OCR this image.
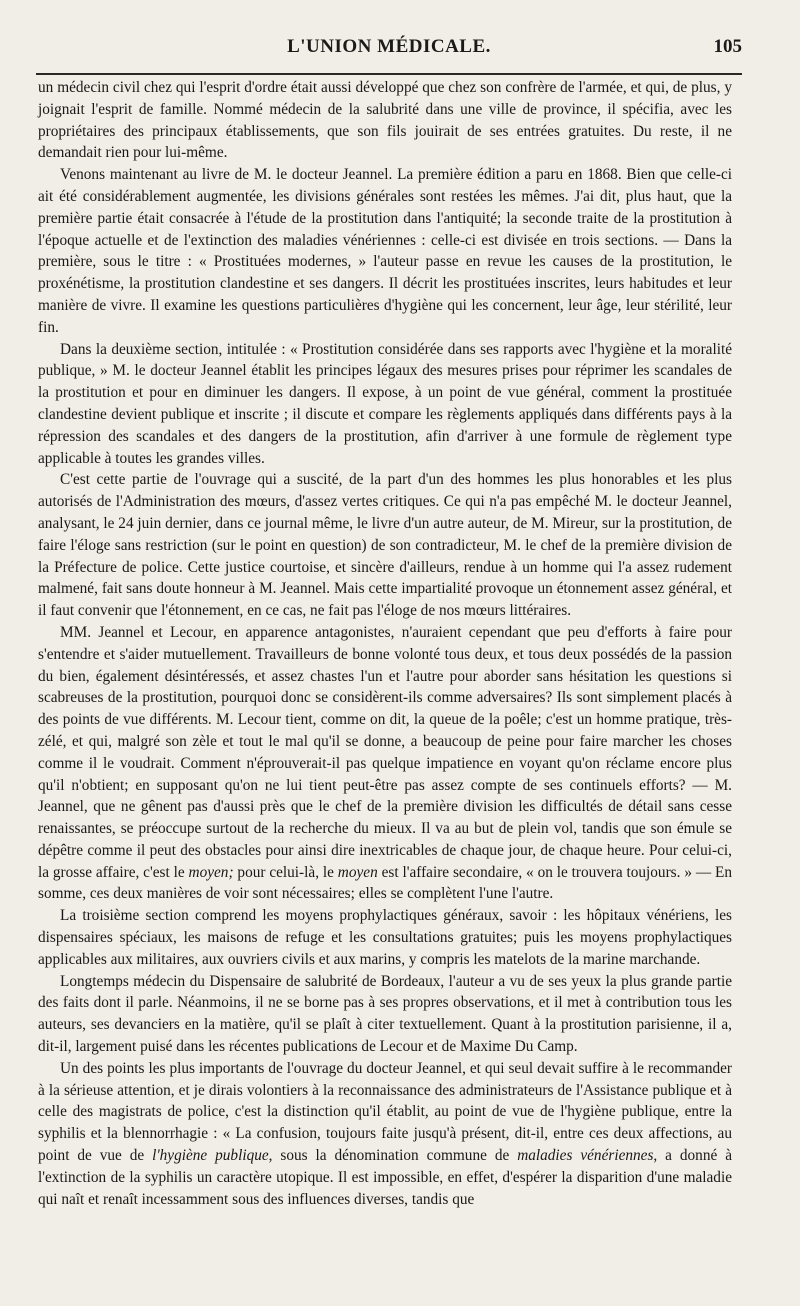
L'UNION MÉDICALE.	105

un médecin civil chez qui l'esprit d'ordre était aussi développé que chez son confrère de l'armée, et qui, de plus, y joignait l'esprit de famille. Nommé médecin de la salubrité dans une ville de province, il spécifia, avec les propriétaires des principaux établissements, que son fils jouirait de ses entrées gratuites. Du reste, il ne demandait rien pour lui-même.

Venons maintenant au livre de M. le docteur Jeannel. La première édition a paru en 1868. Bien que celle-ci ait été considérablement augmentée, les divisions générales sont restées les mêmes. J'ai dit, plus haut, que la première partie était consacrée à l'étude de la prostitution dans l'antiquité; la seconde traite de la prostitution à l'époque actuelle et de l'extinction des maladies vénériennes : celle-ci est divisée en trois sections. — Dans la première, sous le titre : « Prostituées modernes, » l'auteur passe en revue les causes de la prostitution, le proxénétisme, la prostitution clandestine et ses dangers. Il décrit les prostituées inscrites, leurs habitudes et leur manière de vivre. Il examine les questions particulières d'hygiène qui les concernent, leur âge, leur stérilité, leur fin.

Dans la deuxième section, intitulée : « Prostitution considérée dans ses rapports avec l'hygiène et la moralité publique, » M. le docteur Jeannel établit les principes légaux des mesures prises pour réprimer les scandales de la prostitution et pour en diminuer les dangers. Il expose, à un point de vue général, comment la prostituée clandestine devient publique et inscrite ; il discute et compare les règlements appliqués dans différents pays à la répression des scandales et des dangers de la prostitution, afin d'arriver à une formule de règlement type applicable à toutes les grandes villes.

C'est cette partie de l'ouvrage qui a suscité, de la part d'un des hommes les plus honorables et les plus autorisés de l'Administration des mœurs, d'assez vertes critiques. Ce qui n'a pas empêché M. le docteur Jeannel, analysant, le 24 juin dernier, dans ce journal même, le livre d'un autre auteur, de M. Mireur, sur la prostitution, de faire l'éloge sans restriction (sur le point en question) de son contradicteur, M. le chef de la première division de la Préfecture de police. Cette justice courtoise, et sincère d'ailleurs, rendue à un homme qui l'a assez rudement malmené, fait sans doute honneur à M. Jeannel. Mais cette impartialité provoque un étonnement assez général, et il faut convenir que l'étonnement, en ce cas, ne fait pas l'éloge de nos mœurs littéraires.

MM. Jeannel et Lecour, en apparence antagonistes, n'auraient cependant que peu d'efforts à faire pour s'entendre et s'aider mutuellement. Travailleurs de bonne volonté tous deux, et tous deux possédés de la passion du bien, également désintéressés, et assez chastes l'un et l'autre pour aborder sans hésitation les questions si scabreuses de la prostitution, pourquoi donc se considèrent-ils comme adversaires? Ils sont simplement placés à des points de vue différents. M. Lecour tient, comme on dit, la queue de la poêle; c'est un homme pratique, très-zélé, et qui, malgré son zèle et tout le mal qu'il se donne, a beaucoup de peine pour faire marcher les choses comme il le voudrait. Comment n'éprouverait-il pas quelque impatience en voyant qu'on réclame encore plus qu'il n'obtient; en supposant qu'on ne lui tient peut-être pas assez compte de ses continuels efforts? — M. Jeannel, que ne gênent pas d'aussi près que le chef de la première division les difficultés de détail sans cesse renaissantes, se préoccupe surtout de la recherche du mieux. Il va au but de plein vol, tandis que son émule se dépêtre comme il peut des obstacles pour ainsi dire inextricables de chaque jour, de chaque heure. Pour celui-ci, la grosse affaire, c'est le moyen; pour celui-là, le moyen est l'affaire secondaire, « on le trouvera toujours. » — En somme, ces deux manières de voir sont nécessaires; elles se complètent l'une l'autre.

La troisième section comprend les moyens prophylactiques généraux, savoir : les hôpitaux vénériens, les dispensaires spéciaux, les maisons de refuge et les consultations gratuites; puis les moyens prophylactiques applicables aux militaires, aux ouvriers civils et aux marins, y compris les matelots de la marine marchande.

Longtemps médecin du Dispensaire de salubrité de Bordeaux, l'auteur a vu de ses yeux la plus grande partie des faits dont il parle. Néanmoins, il ne se borne pas à ses propres observations, et il met à contribution tous les auteurs, ses devanciers en la matière, qu'il se plaît à citer textuellement. Quant à la prostitution parisienne, il a, dit-il, largement puisé dans les récentes publications de Lecour et de Maxime Du Camp.

Un des points les plus importants de l'ouvrage du docteur Jeannel, et qui seul devait suffire à le recommander à la sérieuse attention, et je dirais volontiers à la reconnaissance des administrateurs de l'Assistance publique et à celle des magistrats de police, c'est la distinction qu'il établit, au point de vue de l'hygiène publique, entre la syphilis et la blennorrhagie : « La confusion, toujours faite jusqu'à présent, dit-il, entre ces deux affections, au point de vue de l'hygiène publique, sous la dénomination commune de maladies vénériennes, a donné à l'extinction de la syphilis un caractère utopique. Il est impossible, en effet, d'espérer la disparition d'une maladie qui naît et renaît incessamment sous des influences diverses, tandis que
